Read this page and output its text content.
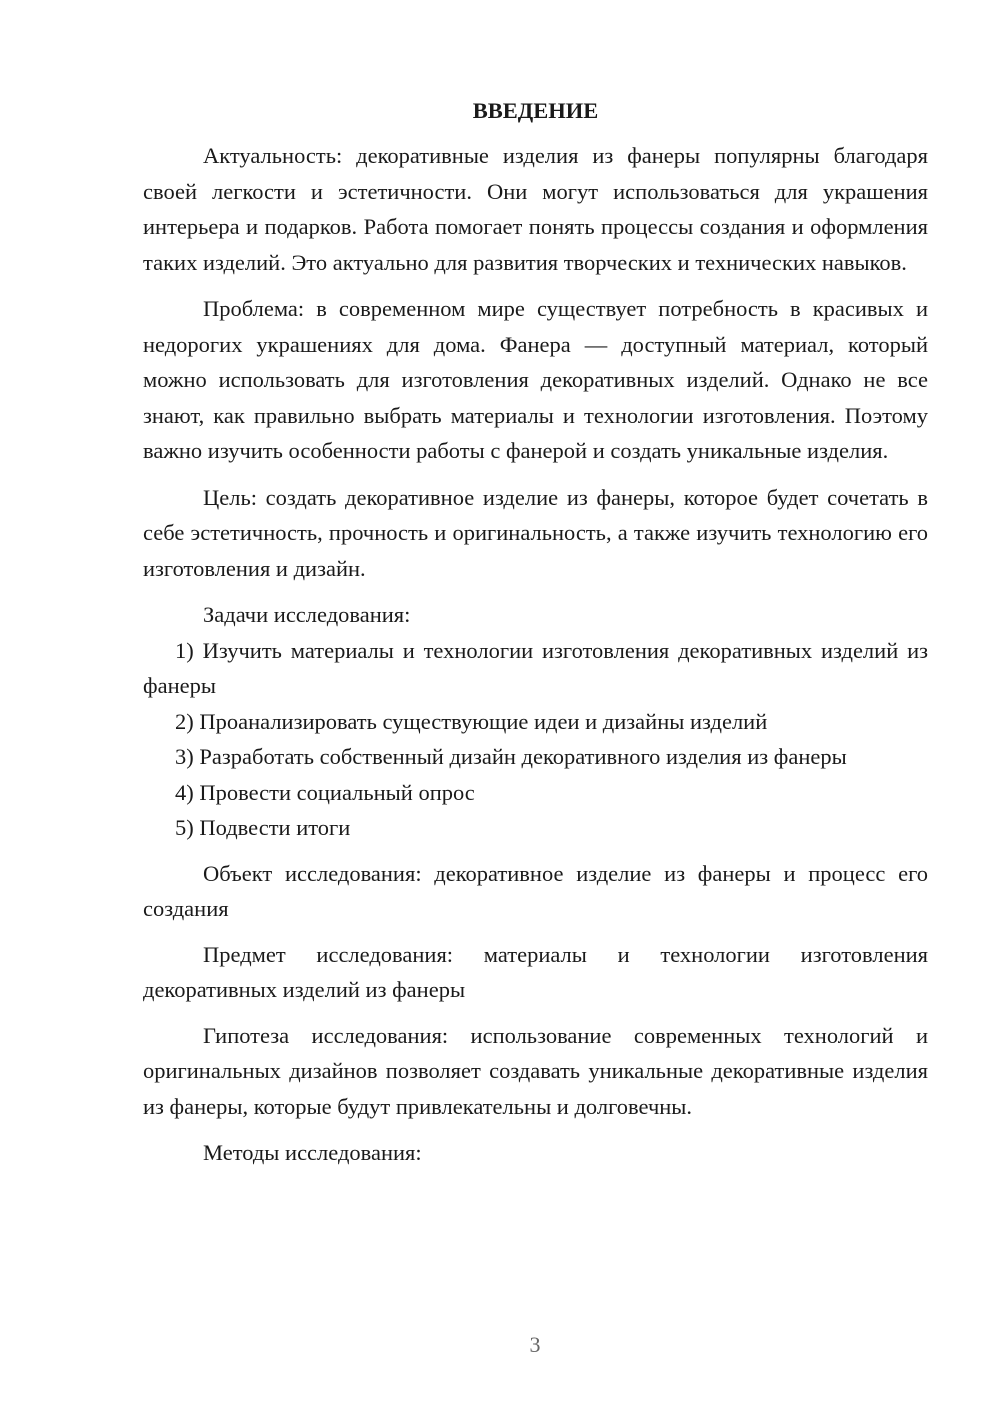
ВВЕДЕНИЕ

Актуальность: декоративные изделия из фанеры популярны благодаря своей легкости и эстетичности. Они могут использоваться для украшения интерьера и подарков. Работа помогает понять процессы создания и оформления таких изделий. Это актуально для развития творческих и технических навыков.

Проблема: в современном мире существует потребность в красивых и недорогих украшениях для дома. Фанера — доступный материал, который можно использовать для изготовления декоративных изделий. Однако не все знают, как правильно выбрать материалы и технологии изготовления. Поэтому важно изучить особенности работы с фанерой и создать уникальные изделия.

Цель: создать декоративное изделие из фанеры, которое будет сочетать в себе эстетичность, прочность и оригинальность, а также изучить технологию его изготовления и дизайн.

Задачи исследования:

1) Изучить материалы и технологии изготовления декоративных изделий из фанеры

2) Проанализировать существующие идеи и дизайны изделий

3) Разработать собственный дизайн декоративного изделия из фанеры

4) Провести социальный опрос

5) Подвести итоги

Объект исследования: декоративное изделие из фанеры и процесс его создания

Предмет исследования: материалы и технологии изготовления декоративных изделий из фанеры

Гипотеза исследования: использование современных технологий и оригинальных дизайнов позволяет создавать уникальные декоративные изделия из фанеры, которые будут привлекательны и долговечны.

Методы исследования:

3
